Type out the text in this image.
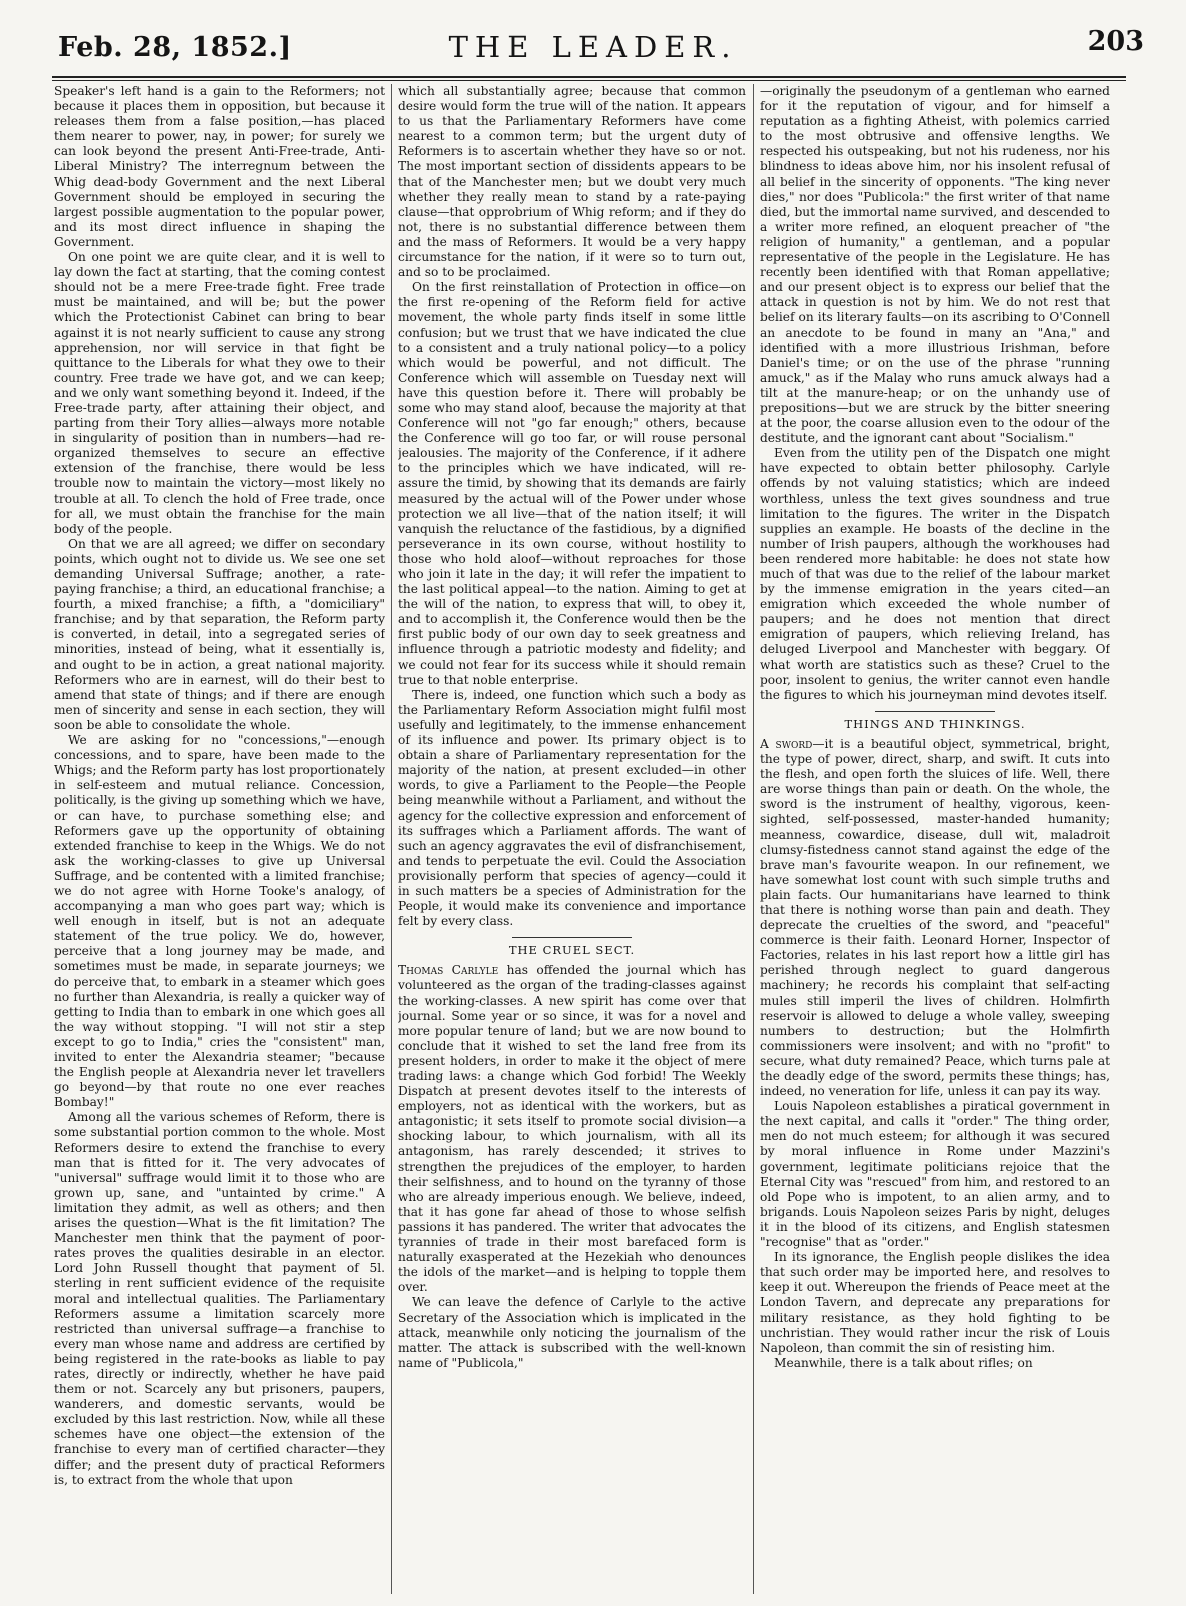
Feb. 28, 1852.]	THE LEADER.	203

Speaker's left hand is a gain to the Reformers; not because it places them in opposition, but because it releases them from a false position,—has placed them nearer to power, nay, in power; for surely we can look beyond the present Anti-Free-trade, Anti-Liberal Ministry? The interregnum between the Whig dead-body Government and the next Liberal Government should be employed in securing the largest possible augmentation to the popular power, and its most direct influence in shaping the Government.

On one point we are quite clear, and it is well to lay down the fact at starting, that the coming contest should not be a mere Free-trade fight. Free trade must be maintained, and will be; but the power which the Protectionist Cabinet can bring to bear against it is not nearly sufficient to cause any strong apprehension, nor will service in that fight be quittance to the Liberals for what they owe to their country. Free trade we have got, and we can keep; and we only want something beyond it. Indeed, if the Free-trade party, after attaining their object, and parting from their Tory allies—always more notable in singularity of position than in numbers—had re-organized themselves to secure an effective extension of the franchise, there would be less trouble now to maintain the victory—most likely no trouble at all. To clench the hold of Free trade, once for all, we must obtain the franchise for the main body of the people.

On that we are all agreed; we differ on secondary points, which ought not to divide us. We see one set demanding Universal Suffrage; another, a rate-paying franchise; a third, an educational franchise; a fourth, a mixed franchise; a fifth, a "domiciliary" franchise; and by that separation, the Reform party is converted, in detail, into a segregated series of minorities, instead of being, what it essentially is, and ought to be in action, a great national majority. Reformers who are in earnest, will do their best to amend that state of things; and if there are enough men of sincerity and sense in each section, they will soon be able to consolidate the whole.

We are asking for no "concessions,"—enough concessions, and to spare, have been made to the Whigs; and the Reform party has lost proportionately in self-esteem and mutual reliance. Concession, politically, is the giving up something which we have, or can have, to purchase something else; and Reformers gave up the opportunity of obtaining extended franchise to keep in the Whigs. We do not ask the working-classes to give up Universal Suffrage, and be contented with a limited franchise; we do not agree with Horne Tooke's analogy, of accompanying a man who goes part way; which is well enough in itself, but is not an adequate statement of the true policy. We do, however, perceive that a long journey may be made, and sometimes must be made, in separate journeys; we do perceive that, to embark in a steamer which goes no further than Alexandria, is really a quicker way of getting to India than to embark in one which goes all the way without stopping. "I will not stir a step except to go to India," cries the "consistent" man, invited to enter the Alexandria steamer; "because the English people at Alexandria never let travellers go beyond—by that route no one ever reaches Bombay!"

Among all the various schemes of Reform, there is some substantial portion common to the whole. Most Reformers desire to extend the franchise to every man that is fitted for it. The very advocates of "universal" suffrage would limit it to those who are grown up, sane, and "untainted by crime." A limitation they admit, as well as others; and then arises the question—What is the fit limitation? The Manchester men think that the payment of poor-rates proves the qualities desirable in an elector. Lord John Russell thought that payment of 5l. sterling in rent sufficient evidence of the requisite moral and intellectual qualities. The Parliamentary Reformers assume a limitation scarcely more restricted than universal suffrage—a franchise to every man whose name and address are certified by being registered in the rate-books as liable to pay rates, directly or indirectly, whether he have paid them or not. Scarcely any but prisoners, paupers, wanderers, and domestic servants, would be excluded by this last restriction. Now, while all these schemes have one object—the extension of the franchise to every man of certified character—they differ; and the present duty of practical Reformers is, to extract from the whole that upon

which all substantially agree; because that common desire would form the true will of the nation. It appears to us that the Parliamentary Reformers have come nearest to a common term; but the urgent duty of Reformers is to ascertain whether they have so or not. The most important section of dissidents appears to be that of the Manchester men; but we doubt very much whether they really mean to stand by a rate-paying clause—that opprobrium of Whig reform; and if they do not, there is no substantial difference between them and the mass of Reformers. It would be a very happy circumstance for the nation, if it were so to turn out, and so to be proclaimed.

On the first reinstallation of Protection in office—on the first re-opening of the Reform field for active movement, the whole party finds itself in some little confusion; but we trust that we have indicated the clue to a consistent and a truly national policy—to a policy which would be powerful, and not difficult. The Conference which will assemble on Tuesday next will have this question before it. There will probably be some who may stand aloof, because the majority at that Conference will not "go far enough;" others, because the Conference will go too far, or will rouse personal jealousies. The majority of the Conference, if it adhere to the principles which we have indicated, will re-assure the timid, by showing that its demands are fairly measured by the actual will of the Power under whose protection we all live—that of the nation itself; it will vanquish the reluctance of the fastidious, by a dignified perseverance in its own course, without hostility to those who hold aloof—without reproaches for those who join it late in the day; it will refer the impatient to the last political appeal—to the nation. Aiming to get at the will of the nation, to express that will, to obey it, and to accomplish it, the Conference would then be the first public body of our own day to seek greatness and influence through a patriotic modesty and fidelity; and we could not fear for its success while it should remain true to that noble enterprise.

There is, indeed, one function which such a body as the Parliamentary Reform Association might fulfil most usefully and legitimately, to the immense enhancement of its influence and power. Its primary object is to obtain a share of Parliamentary representation for the majority of the nation, at present excluded—in other words, to give a Parliament to the People—the People being meanwhile without a Parliament, and without the agency for the collective expression and enforcement of its suffrages which a Parliament affords. The want of such an agency aggravates the evil of disfranchisement, and tends to perpetuate the evil. Could the Association provisionally perform that species of agency—could it in such matters be a species of Administration for the People, it would make its convenience and importance felt by every class.

THE CRUEL SECT.

Thomas Carlyle has offended the journal which has volunteered as the organ of the trading-classes against the working-classes. A new spirit has come over that journal. Some year or so since, it was for a novel and more popular tenure of land; but we are now bound to conclude that it wished to set the land free from its present holders, in order to make it the object of mere trading laws: a change which God forbid! The Weekly Dispatch at present devotes itself to the interests of employers, not as identical with the workers, but as antagonistic; it sets itself to promote social division—a shocking labour, to which journalism, with all its antagonism, has rarely descended; it strives to strengthen the prejudices of the employer, to harden their selfishness, and to hound on the tyranny of those who are already imperious enough. We believe, indeed, that it has gone far ahead of those to whose selfish passions it has pandered. The writer that advocates the tyrannies of trade in their most barefaced form is naturally exasperated at the Hezekiah who denounces the idols of the market—and is helping to topple them over.

We can leave the defence of Carlyle to the active Secretary of the Association which is implicated in the attack, meanwhile only noticing the journalism of the matter. The attack is subscribed with the well-known name of "Publicola,"

—originally the pseudonym of a gentleman who earned for it the reputation of vigour, and for himself a reputation as a fighting Atheist, with polemics carried to the most obtrusive and offensive lengths. We respected his outspeaking, but not his rudeness, nor his blindness to ideas above him, nor his insolent refusal of all belief in the sincerity of opponents. "The king never dies," nor does "Publicola:" the first writer of that name died, but the immortal name survived, and descended to a writer more refined, an eloquent preacher of "the religion of humanity," a gentleman, and a popular representative of the people in the Legislature. He has recently been identified with that Roman appellative; and our present object is to express our belief that the attack in question is not by him. We do not rest that belief on its literary faults—on its ascribing to O'Connell an anecdote to be found in many an "Ana," and identified with a more illustrious Irishman, before Daniel's time; or on the use of the phrase "running amuck," as if the Malay who runs amuck always had a tilt at the manure-heap; or on the unhandy use of prepositions—but we are struck by the bitter sneering at the poor, the coarse allusion even to the odour of the destitute, and the ignorant cant about "Socialism."

Even from the utility pen of the Dispatch one might have expected to obtain better philosophy. Carlyle offends by not valuing statistics; which are indeed worthless, unless the text gives soundness and true limitation to the figures. The writer in the Dispatch supplies an example. He boasts of the decline in the number of Irish paupers, although the workhouses had been rendered more habitable: he does not state how much of that was due to the relief of the labour market by the immense emigration in the years cited—an emigration which exceeded the whole number of paupers; and he does not mention that direct emigration of paupers, which relieving Ireland, has deluged Liverpool and Manchester with beggary. Of what worth are statistics such as these? Cruel to the poor, insolent to genius, the writer cannot even handle the figures to which his journeyman mind devotes itself.

THINGS AND THINKINGS.

A sword—it is a beautiful object, symmetrical, bright, the type of power, direct, sharp, and swift. It cuts into the flesh, and open forth the sluices of life. Well, there are worse things than pain or death. On the whole, the sword is the instrument of healthy, vigorous, keen-sighted, self-possessed, master-handed humanity; meanness, cowardice, disease, dull wit, maladroit clumsy-fistedness cannot stand against the edge of the brave man's favourite weapon. In our refinement, we have somewhat lost count with such simple truths and plain facts. Our humanitarians have learned to think that there is nothing worse than pain and death. They deprecate the cruelties of the sword, and "peaceful" commerce is their faith. Leonard Horner, Inspector of Factories, relates in his last report how a little girl has perished through neglect to guard dangerous machinery; he records his complaint that self-acting mules still imperil the lives of children. Holmfirth reservoir is allowed to deluge a whole valley, sweeping numbers to destruction; but the Holmfirth commissioners were insolvent; and with no "profit" to secure, what duty remained? Peace, which turns pale at the deadly edge of the sword, permits these things; has, indeed, no veneration for life, unless it can pay its way.

Louis Napoleon establishes a piratical government in the next capital, and calls it "order." The thing order, men do not much esteem; for although it was secured by moral influence in Rome under Mazzini's government, legitimate politicians rejoice that the Eternal City was "rescued" from him, and restored to an old Pope who is impotent, to an alien army, and to brigands. Louis Napoleon seizes Paris by night, deluges it in the blood of its citizens, and English statesmen "recognise" that as "order."

In its ignorance, the English people dislikes the idea that such order may be imported here, and resolves to keep it out. Whereupon the friends of Peace meet at the London Tavern, and deprecate any preparations for military resistance, as they hold fighting to be unchristian. They would rather incur the risk of Louis Napoleon, than commit the sin of resisting him.

Meanwhile, there is a talk about rifles; on
